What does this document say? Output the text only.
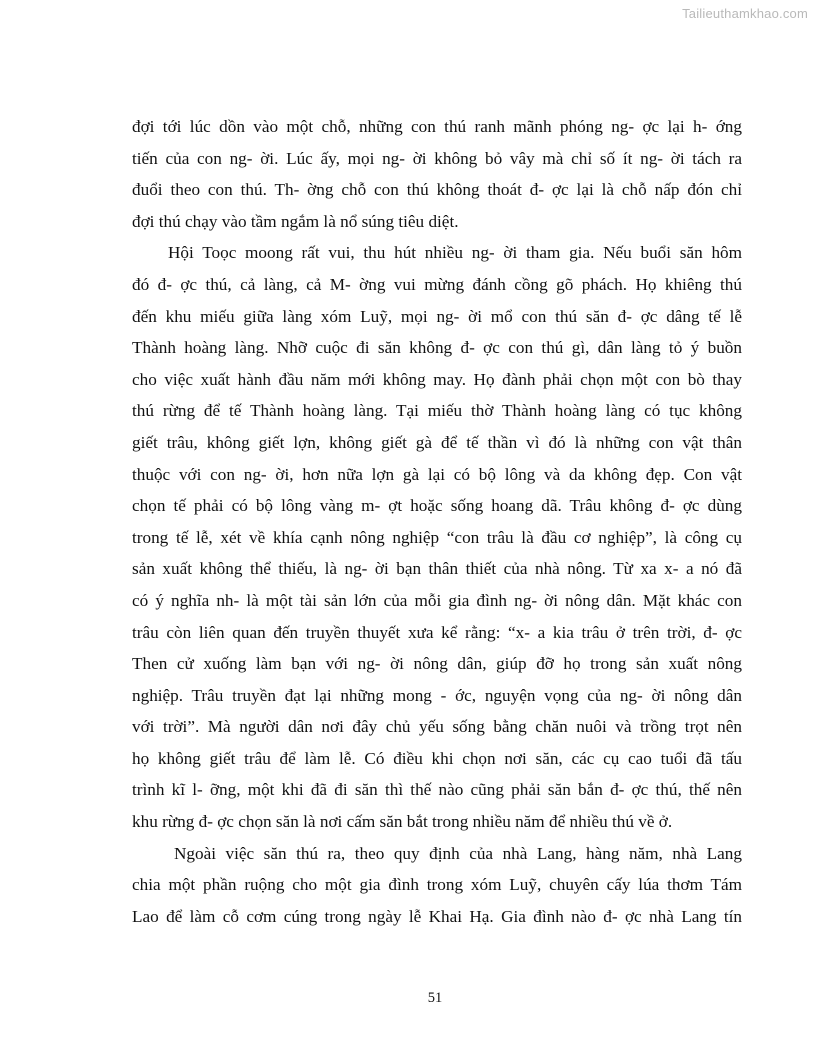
Tailieuthamkhao.com
đợi tới lúc dồn vào một chỗ, những con thú ranh mãnh phóng ng- ợc lại h- ớng
tiến của con ng- ời. Lúc ấy, mọi ng- ời không bỏ vây mà chỉ số ít ng- ời tách ra
đuổi theo con thú. Th- ờng chỗ con thú không thoát đ- ợc lại là chỗ nấp đón chỉ
đợi thú chạy vào tầm ngắm là nổ súng tiêu diệt.
Hội Toọc moong rất vui, thu hút nhiều ng- ời tham gia. Nếu buổi săn hôm
đó đ- ợc thú, cả làng, cả M- ờng vui mừng đánh cồng gõ phách. Họ khiêng thú
đến khu miếu giữa làng xóm Luỹ, mọi ng- ời mổ con thú săn đ- ợc dâng tế lễ
Thành hoàng làng. Nhỡ cuộc đi săn không đ- ợc con thú gì, dân làng tỏ ý buồn
cho việc xuất hành đầu năm mới không may. Họ đành phải chọn một con bò thay
thú rừng để tế Thành hoàng làng. Tại miếu thờ Thành hoàng làng có tục không
giết trâu, không giết lợn, không giết gà để tế thần vì đó là những con vật thân
thuộc với con ng- ời, hơn nữa lợn gà lại có bộ lông và da không đẹp. Con vật
chọn tế phải có bộ lông vàng m- ợt hoặc sống hoang dã. Trâu không đ- ợc dùng
trong tế lễ, xét về khía cạnh nông nghiệp “con trâu là đầu cơ nghiệp”, là công cụ
sản xuất không thể thiếu, là ng- ời bạn thân thiết của nhà nông. Từ xa x- a nó đã
có ý nghĩa nh- là một tài sản lớn của mỗi gia đình ng- ời nông dân. Mặt khác con
trâu còn liên quan đến truyền thuyết xưa kể rằng: “x- a kia trâu ở trên trời, đ- ợc
Then cử xuống làm bạn với ng- ời nông dân, giúp đỡ họ trong sản xuất nông
nghiệp. Trâu truyền đạt lại những mong - ớc, nguyện vọng của ng- ời nông dân
với trời”. Mà người dân nơi đây chủ yếu sống bằng chăn nuôi và trồng trọt nên
họ không giết trâu để làm lễ. Có điều khi chọn nơi săn, các cụ cao tuổi đã tấu
trình kĩ l- ỡng, một khi đã đi săn thì thế nào cũng phải săn bắn đ- ợc thú, thế nên
khu rừng đ- ợc chọn săn là nơi cấm săn bắt trong nhiều năm để nhiều thú về ở.
Ngoài việc săn thú ra, theo quy định của nhà Lang, hàng năm, nhà Lang
chia một phần ruộng cho một gia đình trong xóm Luỹ, chuyên cấy lúa thơm Tám
Lao để làm cỗ cơm cúng trong ngày lễ Khai Hạ. Gia đình nào đ- ợc nhà Lang tín
51
